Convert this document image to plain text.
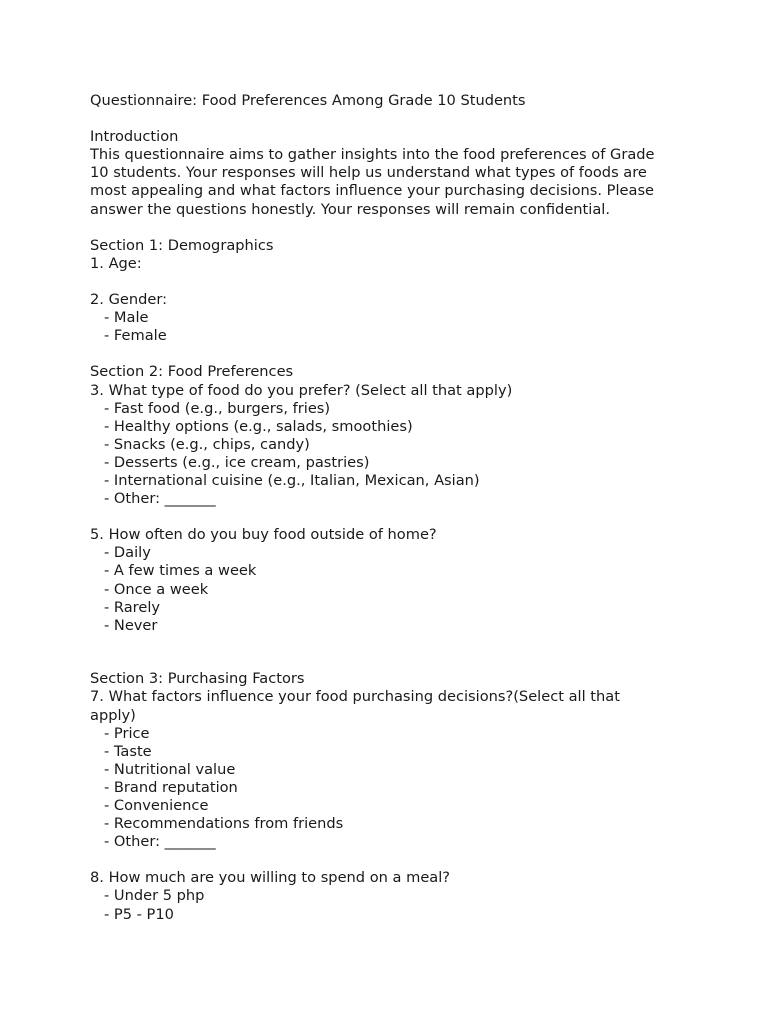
Questionnaire: Food Preferences Among Grade 10 Students
Introduction
This questionnaire aims to gather insights into the food preferences of Grade
10 students. Your responses will help us understand what types of foods are
most appealing and what factors influence your purchasing decisions. Please
answer the questions honestly. Your responses will remain confidential.
Section 1: Demographics
1. Age:
2. Gender:
- Male
- Female
Section 2: Food Preferences
3. What type of food do you prefer? (Select all that apply)
- Fast food (e.g., burgers, fries)
- Healthy options (e.g., salads, smoothies)
- Snacks (e.g., chips, candy)
- Desserts (e.g., ice cream, pastries)
- International cuisine (e.g., Italian, Mexican, Asian)
- Other: _______
5. How often do you buy food outside of home?
- Daily
- A few times a week
- Once a week
- Rarely
- Never
Section 3: Purchasing Factors
7. What factors influence your food purchasing decisions?(Select all that
apply)
- Price
- Taste
- Nutritional value
- Brand reputation
- Convenience
- Recommendations from friends
- Other: _______
8. How much are you willing to spend on a meal?
- Under 5 php
- P5 - P10
